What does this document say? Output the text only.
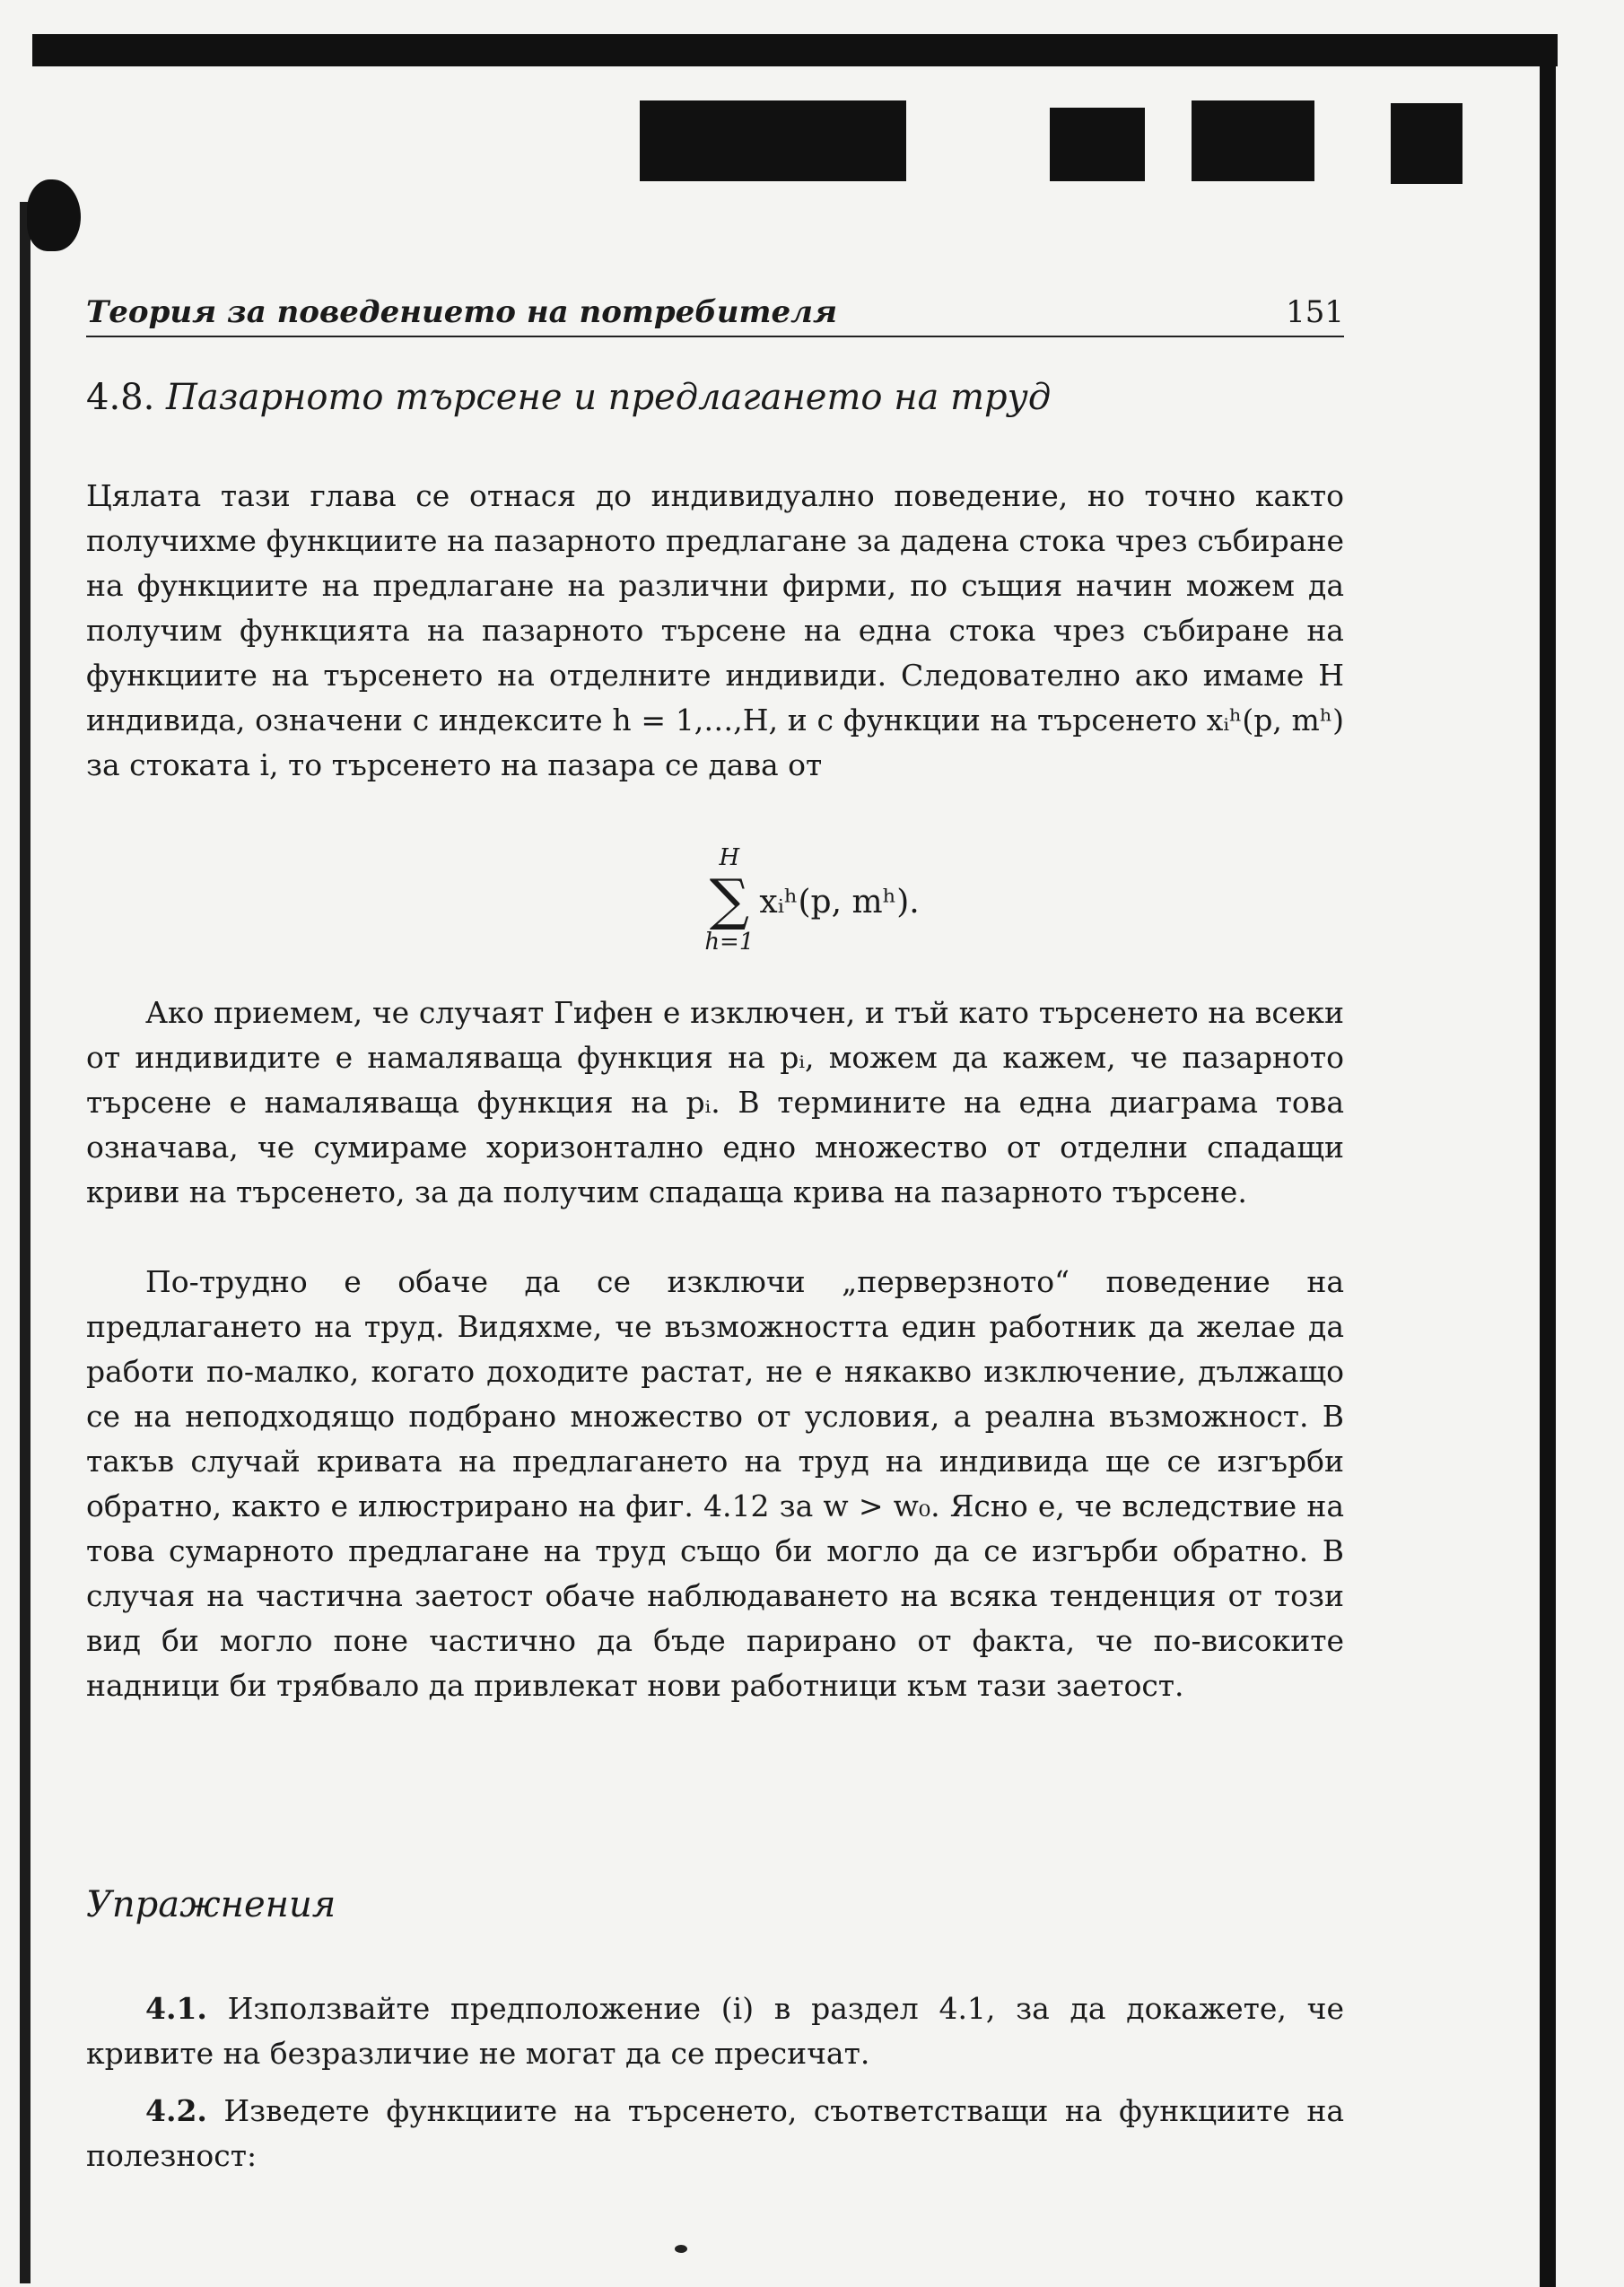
Теория за поведението на потребителя	151
4.8. Пазарното търсене и предлагането на труд
Цялата тази глава се отнася до индивидуално поведение, но точно както получихме функциите на пазарното предлагане за дадена стока чрез събиране на функциите на предлагане на различни фирми, по същия начин можем да получим функцията на пазарното търсене на една стока чрез събиране на функциите на търсенето на отделните индивиди. Следователно ако имаме H индивида, означени с индексите h = 1,…,H, и с функции на търсенето xᵢʰ(p, mʰ) за стоката i, то търсенето на пазара се дава от
H
∑
h=1
xᵢʰ(p, mʰ).
Ако приемем, че случаят Гифен е изключен, и тъй като търсенето на всеки от индивидите е намаляваща функция на pᵢ, можем да кажем, че пазарното търсене е намаляваща функция на pᵢ. В термините на една диаграма това означава, че сумираме хоризонтално едно множество от отделни спадащи криви на търсенето, за да получим спадаща крива на пазарното търсене.
По-трудно е обаче да се изключи „перверзното“ поведение на предлагането на труд. Видяхме, че възможността един работник да желае да работи по-малко, когато доходите растат, не е някакво изключение, дължащо се на неподходящо подбрано множество от условия, а реална възможност. В такъв случай кривата на предлагането на труд на индивида ще се изгърби обратно, както е илюстрирано на фиг. 4.12 за w > w₀. Ясно е, че вследствие на това сумарното предлагане на труд също би могло да се изгърби обратно. В случая на частична заетост обаче наблюдаването на всяка тенденция от този вид би могло поне частично да бъде парирано от факта, че по-високите надници би трябвало да привлекат нови работници към тази заетост.
Упражнения
4.1. Използвайте предположение (i) в раздел 4.1, за да докажете, че кривите на безразличие не могат да се пресичат.
4.2. Изведете функциите на търсенето, съответстващи на функциите на полезност:
